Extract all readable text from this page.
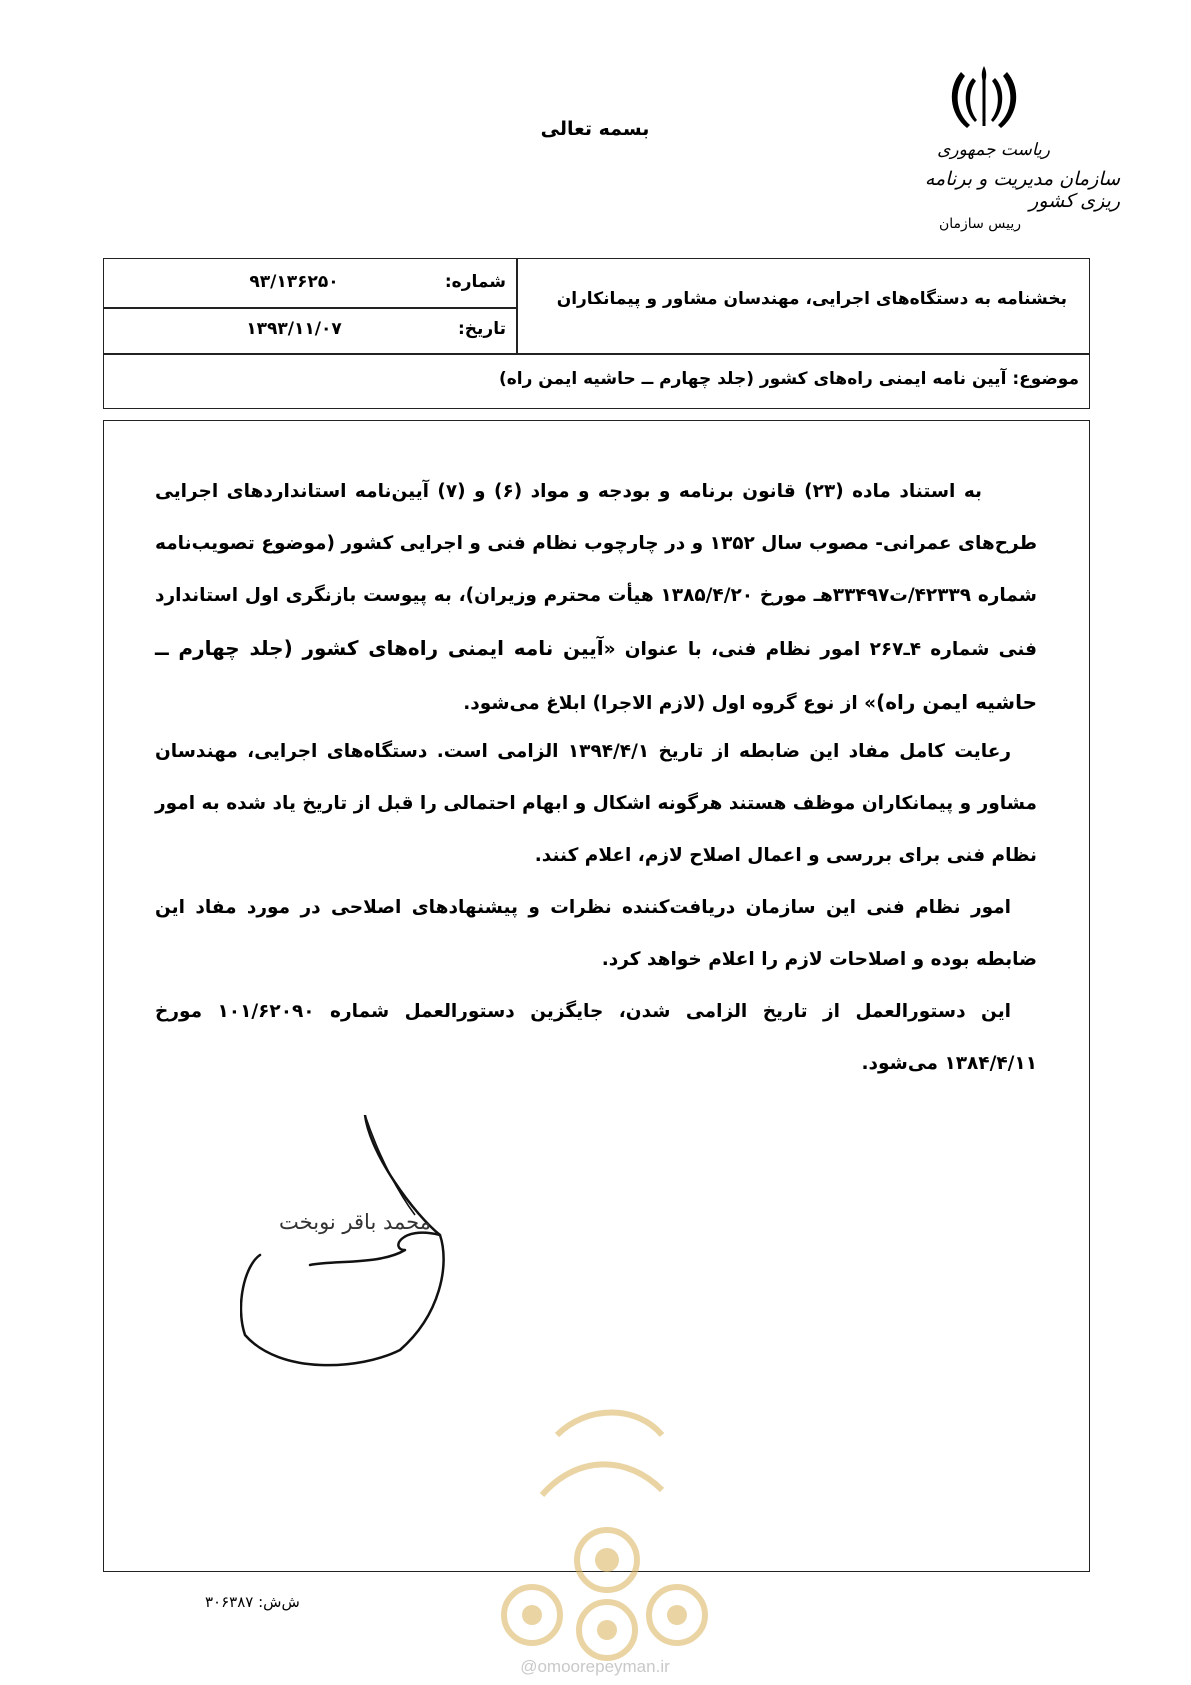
بسمه تعالی
ریاست جمهوری
سازمان مدیریت و برنامه ریزی کشور
رییس سازمان
بخشنامه به دستگاه‌های اجرایی، مهندسان مشاور و پیمانکاران
شماره:
۹۳/۱۳۶۲۵۰
تاریخ:
۱۳۹۳/۱۱/۰۷
موضوع: آیین نامه ایمنی راه‌های کشور (جلد چهارم ــ حاشیه ایمن راه)
به استناد ماده (۲۳) قانون برنامه و بودجه و مواد (۶) و (۷) آیین‌نامه استانداردهای اجرایی طرح‌های عمرانی- مصوب سال ۱۳۵۲ و در چارچوب نظام فنی و اجرایی کشور (موضوع تصویب‌نامه شماره ۴۲۳۳۹/ت۳۳۴۹۷هـ مورخ ۱۳۸۵/۴/۲۰ هیأت محترم وزیران)، به پیوست بازنگری اول استاندارد فنی شماره ۴ـ۲۶۷ امور نظام فنی، با عنوان «آیین نامه ایمنی راه‌های کشور (جلد چهارم ــ حاشیه ایمن راه)» از نوع گروه اول (لازم الاجرا) ابلاغ می‌شود.
رعایت کامل مفاد این ضابطه از تاریخ ۱۳۹۴/۴/۱ الزامی است. دستگاه‌های اجرایی، مهندسان مشاور و پیمانکاران موظف هستند هرگونه اشکال و ابهام احتمالی را قبل از تاریخ یاد شده به امور نظام فنی برای بررسی و اعمال اصلاح لازم، اعلام کنند.
امور نظام فنی این سازمان دریافت‌کننده نظرات و پیشنهادهای اصلاحی در مورد مفاد این ضابطه بوده و اصلاحات لازم را اعلام خواهد کرد.
این دستورالعمل از تاریخ الزامی شدن، جایگزین دستورالعمل شماره ۱۰۱/۶۲۰۹۰ مورخ ۱۳۸۴/۴/۱۱ می‌شود.
محمد باقر نوبخت
ش‌ش: ۳۰۶۳۸۷
@omoorepeyman.ir
